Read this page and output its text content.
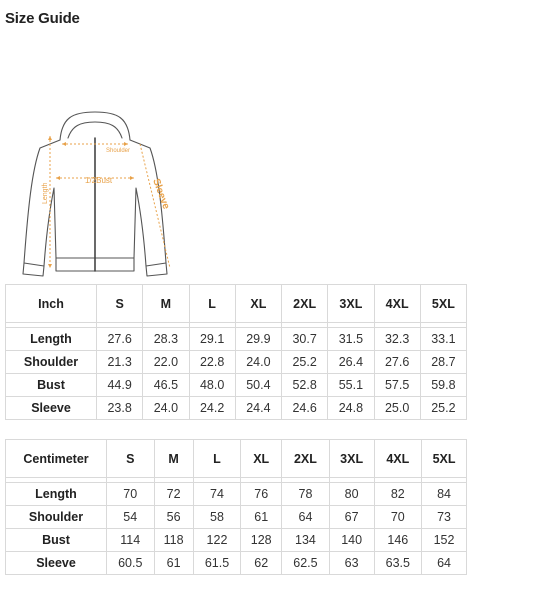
Size Guide
Shoulder
1/2Bust
Length	Sleeve
Inch	S	M	L	XL	2XL	3XL	4XL	5XL

Length	27.6	28.3	29.1	29.9	30.7	31.5	32.3	33.1
Shoulder	21.3	22.0	22.8	24.0	25.2	26.4	27.6	28.7
Bust	44.9	46.5	48.0	50.4	52.8	55.1	57.5	59.8
Sleeve	23.8	24.0	24.2	24.4	24.6	24.8	25.0	25.2
Centimeter	S	M	L	XL	2XL	3XL	4XL	5XL

Length	70	72	74	76	78	80	82	84
Shoulder	54	56	58	61	64	67	70	73
Bust	114	118	122	128	134	140	146	152
Sleeve	60.5	61	61.5	62	62.5	63	63.5	64
